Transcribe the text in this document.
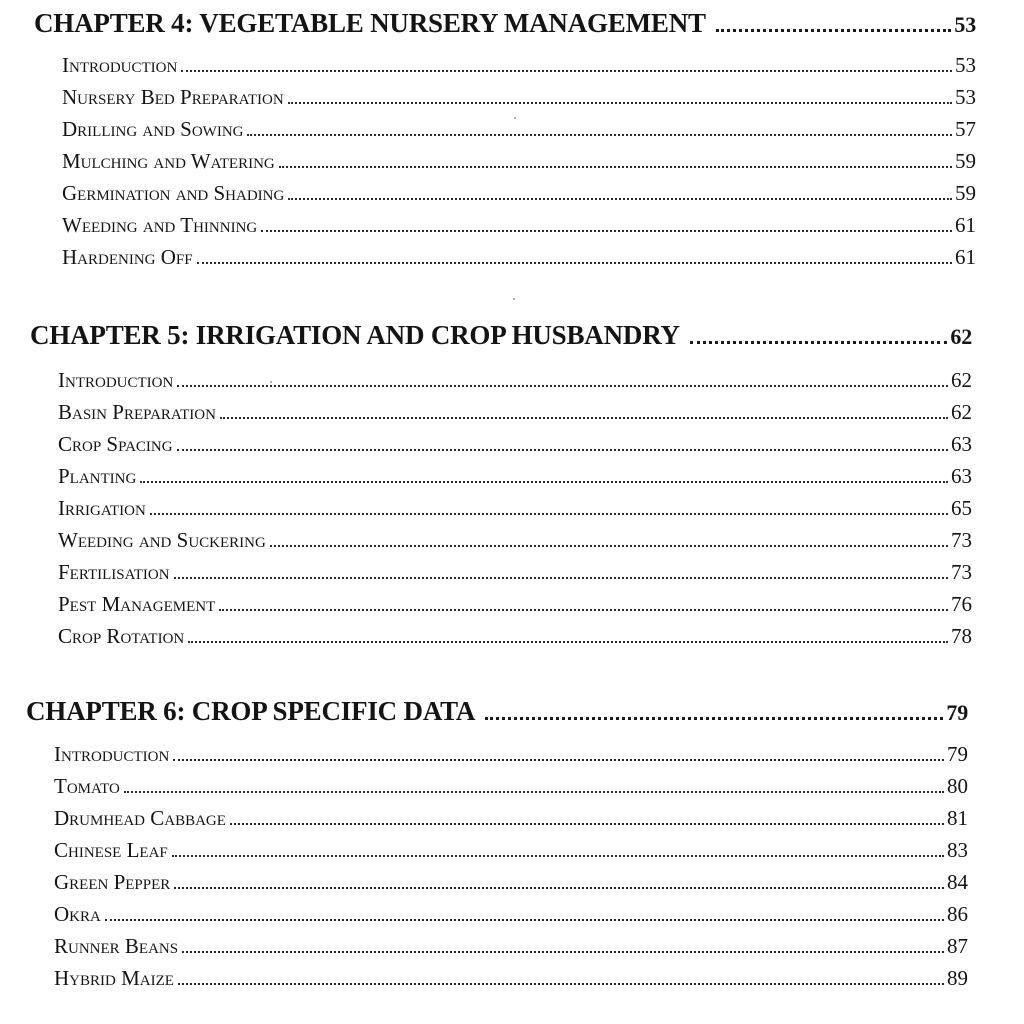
CHAPTER 4: VEGETABLE NURSERY MANAGEMENT	53
Introduction	53
Nursery Bed Preparation	53
Drilling and Sowing	57
Mulching and Watering	59
Germination and Shading	59
Weeding and Thinning	61
Hardening Off	61
CHAPTER 5: IRRIGATION AND CROP HUSBANDRY	62
Introduction	62
Basin Preparation	62
Crop Spacing	63
Planting	63
Irrigation	65
Weeding and Suckering	73
Fertilisation	73
Pest Management	76
Crop Rotation	78
CHAPTER 6: CROP SPECIFIC DATA	79
Introduction	79
Tomato	80
Drumhead Cabbage	81
Chinese Leaf	83
Green Pepper	84
Okra	86
Runner Beans	87
Hybrid Maize	89
